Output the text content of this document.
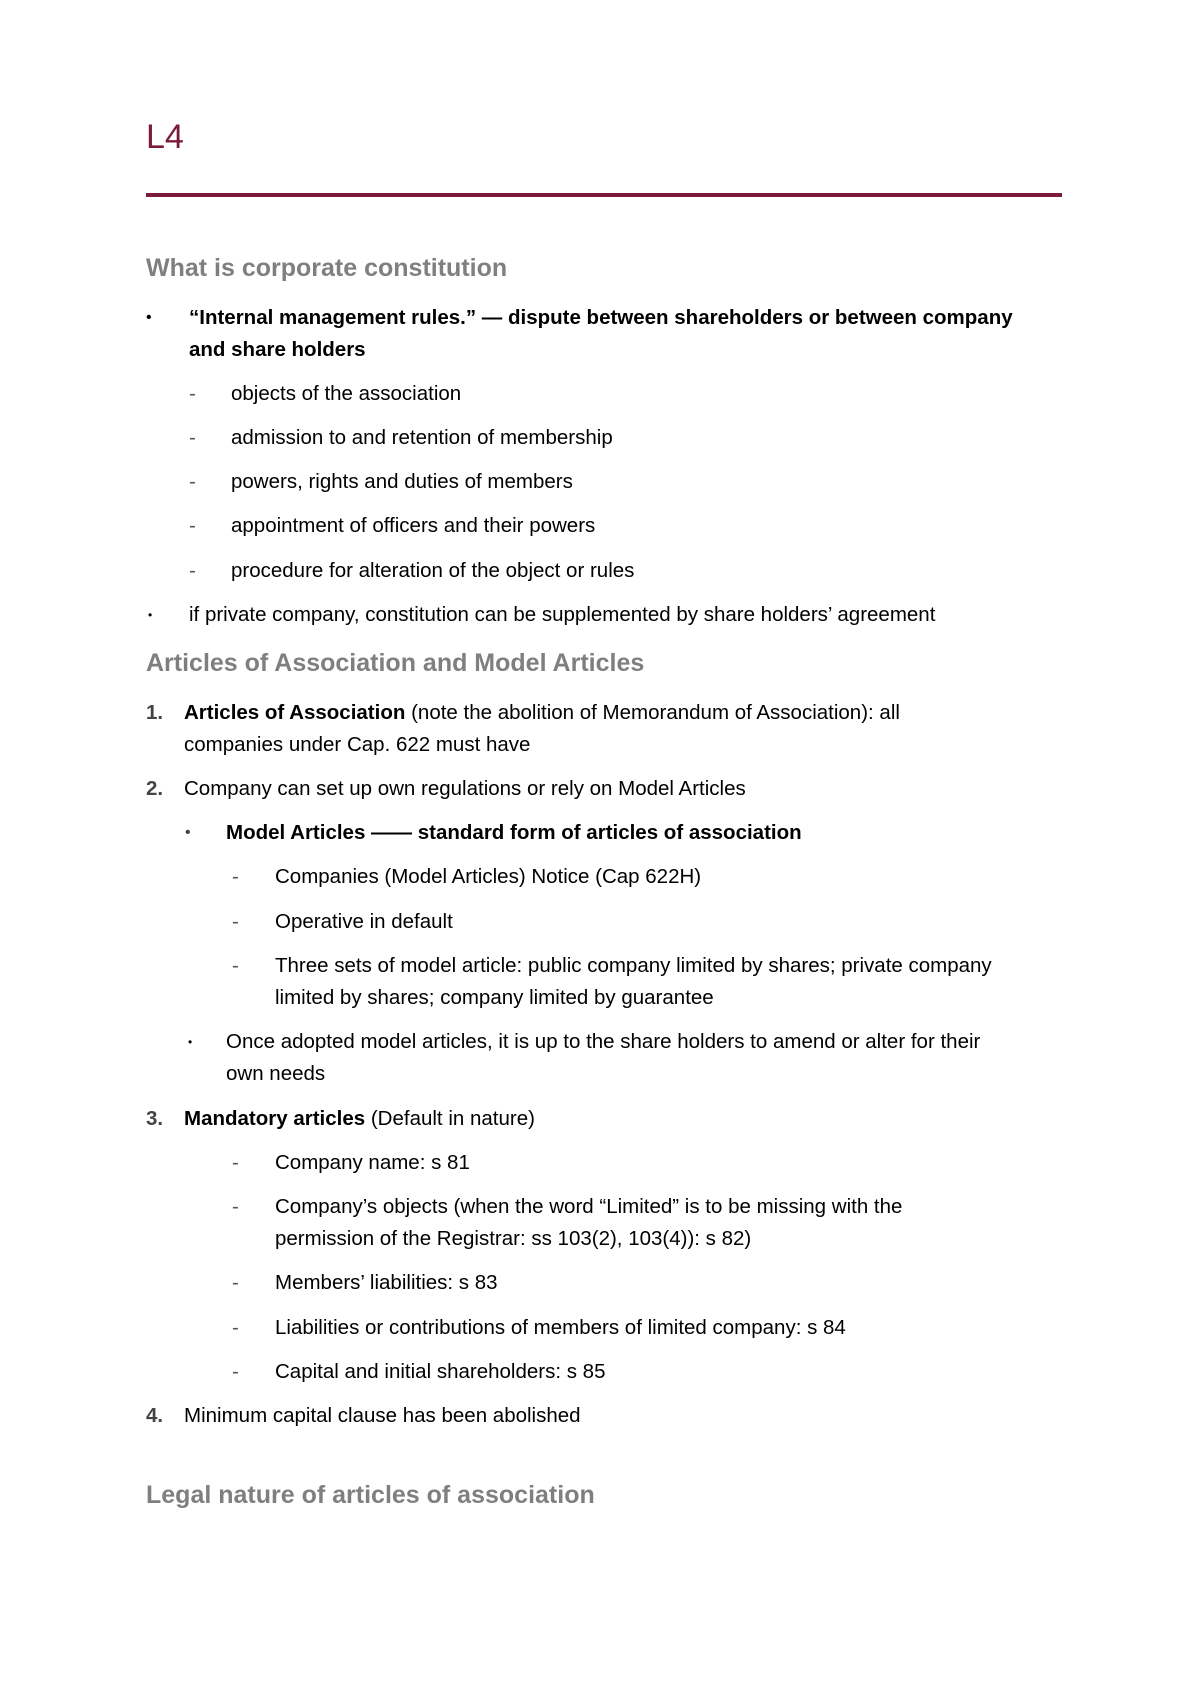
L4
What is corporate constitution
• “Internal management rules.” — dispute between shareholders or between company
and share holders
- objects of the association
- admission to and retention of membership
- powers, rights and duties of members
- appointment of officers and their powers
- procedure for alteration of the object or rules
• if private company, constitution can be supplemented by share holders’ agreement
Articles of Association and Model Articles
1. Articles of Association (note the abolition of Memorandum of Association): all
companies under Cap. 622 must have
2. Company can set up own regulations or rely on Model Articles
• Model Articles —— standard form of articles of association
- Companies (Model Articles) Notice (Cap 622H)
- Operative in default
- Three sets of model article: public company limited by shares; private company
limited by shares; company limited by guarantee
• Once adopted model articles, it is up to the share holders to amend or alter for their
own needs
3. Mandatory articles (Default in nature)
- Company name: s 81
- Company’s objects (when the word “Limited” is to be missing with the
permission of the Registrar: ss 103(2), 103(4)): s 82)
- Members’ liabilities: s 83
- Liabilities or contributions of members of limited company: s 84
- Capital and initial shareholders: s 85
4. Minimum capital clause has been abolished
Legal nature of articles of association
